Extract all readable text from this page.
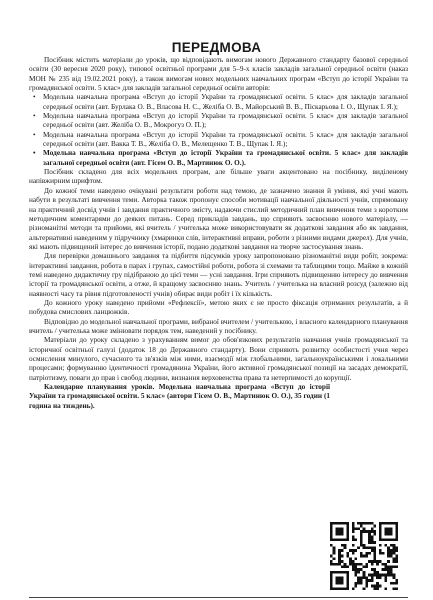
ПЕРЕДМОВА

Посібник містить матеріали до уроків, що відповідають вимогам нового Державного стандарту базової середньої освіти (30 вересня 2020 року), типової освітньої програми для 5–9-х класів закладів загальної середньої освіти (наказ МОН № 235 від 19.02.2021 року), а також вимогам нових модельних навчальних програм «Вступ до історії України та громадянської освіти. 5 клас» для закладів загальної середньої освіти авторів:

• Модельна навчальна програма «Вступ до історії України та громадянської освіти. 5 клас» для закладів загальної середньої освіти (авт. Бурлака О. В., Власова Н. С., Желіба О. В., Майорський В. В., Піскарьова І. О., Щупак І. Я.);
• Модельна навчальна програма «Вступ до історії України та громадянської освіти. 5 клас» для закладів загальної середньої освіти (авт. Желіба О. В., Мокрогуз О. П.);
• Модельна навчальна програма «Вступ до історії України та громадянської освіти. 5 клас» для закладів загальної середньої освіти (авт. Вакка Т. В., Желіба О. В., Мелещенко Т. В., Щупак І. Я.);
• Модельна навчальна програма «Вступ до історії України та громадянської освіти. 5 клас» для закладів загальної середньої освіти (авт. Гісем О. В., Мартинюк О. О.).

Посібник складено для всіх модельних програм, але більше уваги акцентовано на посібнику, виділеному напівжирним шрифтом.

До кожної теми наведено очікувані результати роботи над темою, де зазначено знання й уміння, які учні мають набути в результаті вивчення теми. Авторка також пропонує способи мотивації навчальної діяльності учнів, спрямовану на практичний досвід учнів і завдання практичного змісту, надаючи стислий методичний план вивчення теми з коротким методичним коментарями до деяких питань. Серед прикладів завдань, що сприяють засвоєнню нового матеріалу, — різноманітні методи та прийоми, які вчитель / учителька може використовувати як додаткові завдання або як завдання, альтернативні наведеним у підручнику (хмаринки слів, інтерактивні вправи, роботи з різними видами джерел). Для учнів, які мають підвищений інтерес до вивчення історії, подано додаткові завдання на творче застосування знань.

Для перевірки домашнього завдання та підбиття підсумків уроку запропоновано різноманітні види робіт, зокрема: інтерактивні завдання, робота в парах і групах, самостійні роботи, робота зі схемами та таблицями тощо. Майже в кожній темі наведено дидактичну гру підібраною до цієї теми — усні завдання. Ігри сприяють підвищенню інтересу до вивчення історії та громадянської освіти, а отже, й кращому засвоєнню знань. Учитель / учителька на власний розсуд (залежно від наявності часу та рівня підготовленості учнів) обирає види робіт і їх кількість.

До кожного уроку наведено прийоми «Рефлексії», метою яких є не просто фіксація отриманих результатів, а й побудова смислових ланцюжків.

Відповідно до модельної навчальної програми, вибраної вчителем / учителькою, і власного календарного планування вчитель / учителька може змінювати порядок тем, наведений у посібнику.

Матеріали до уроку складено з урахуванням вимог до обов'язкових результатів навчання учнів громадянської та історичної освітньої галузі (додаток 18 до Державного стандарту). Вони сприяють розвитку особистості учня через осмислення минулого, сучасного та зв'язків між ними, взаємодії між глобальними, загальноукраїнськими і локальними процесами; формуванню ідентичності громадянина України, його активної громадянської позиції на засадах демократії, патріотизму, поваги до прав і свобод людини, визнання верховенства права та нетерпимості до корупції.

Календарне планування уроків. Модельна навчальна програма «Вступ до історії України та громадянської освіти. 5 клас» (автори Гісем О. В., Мартинюк О. О.), 35 годин (1 година на тиждень).
